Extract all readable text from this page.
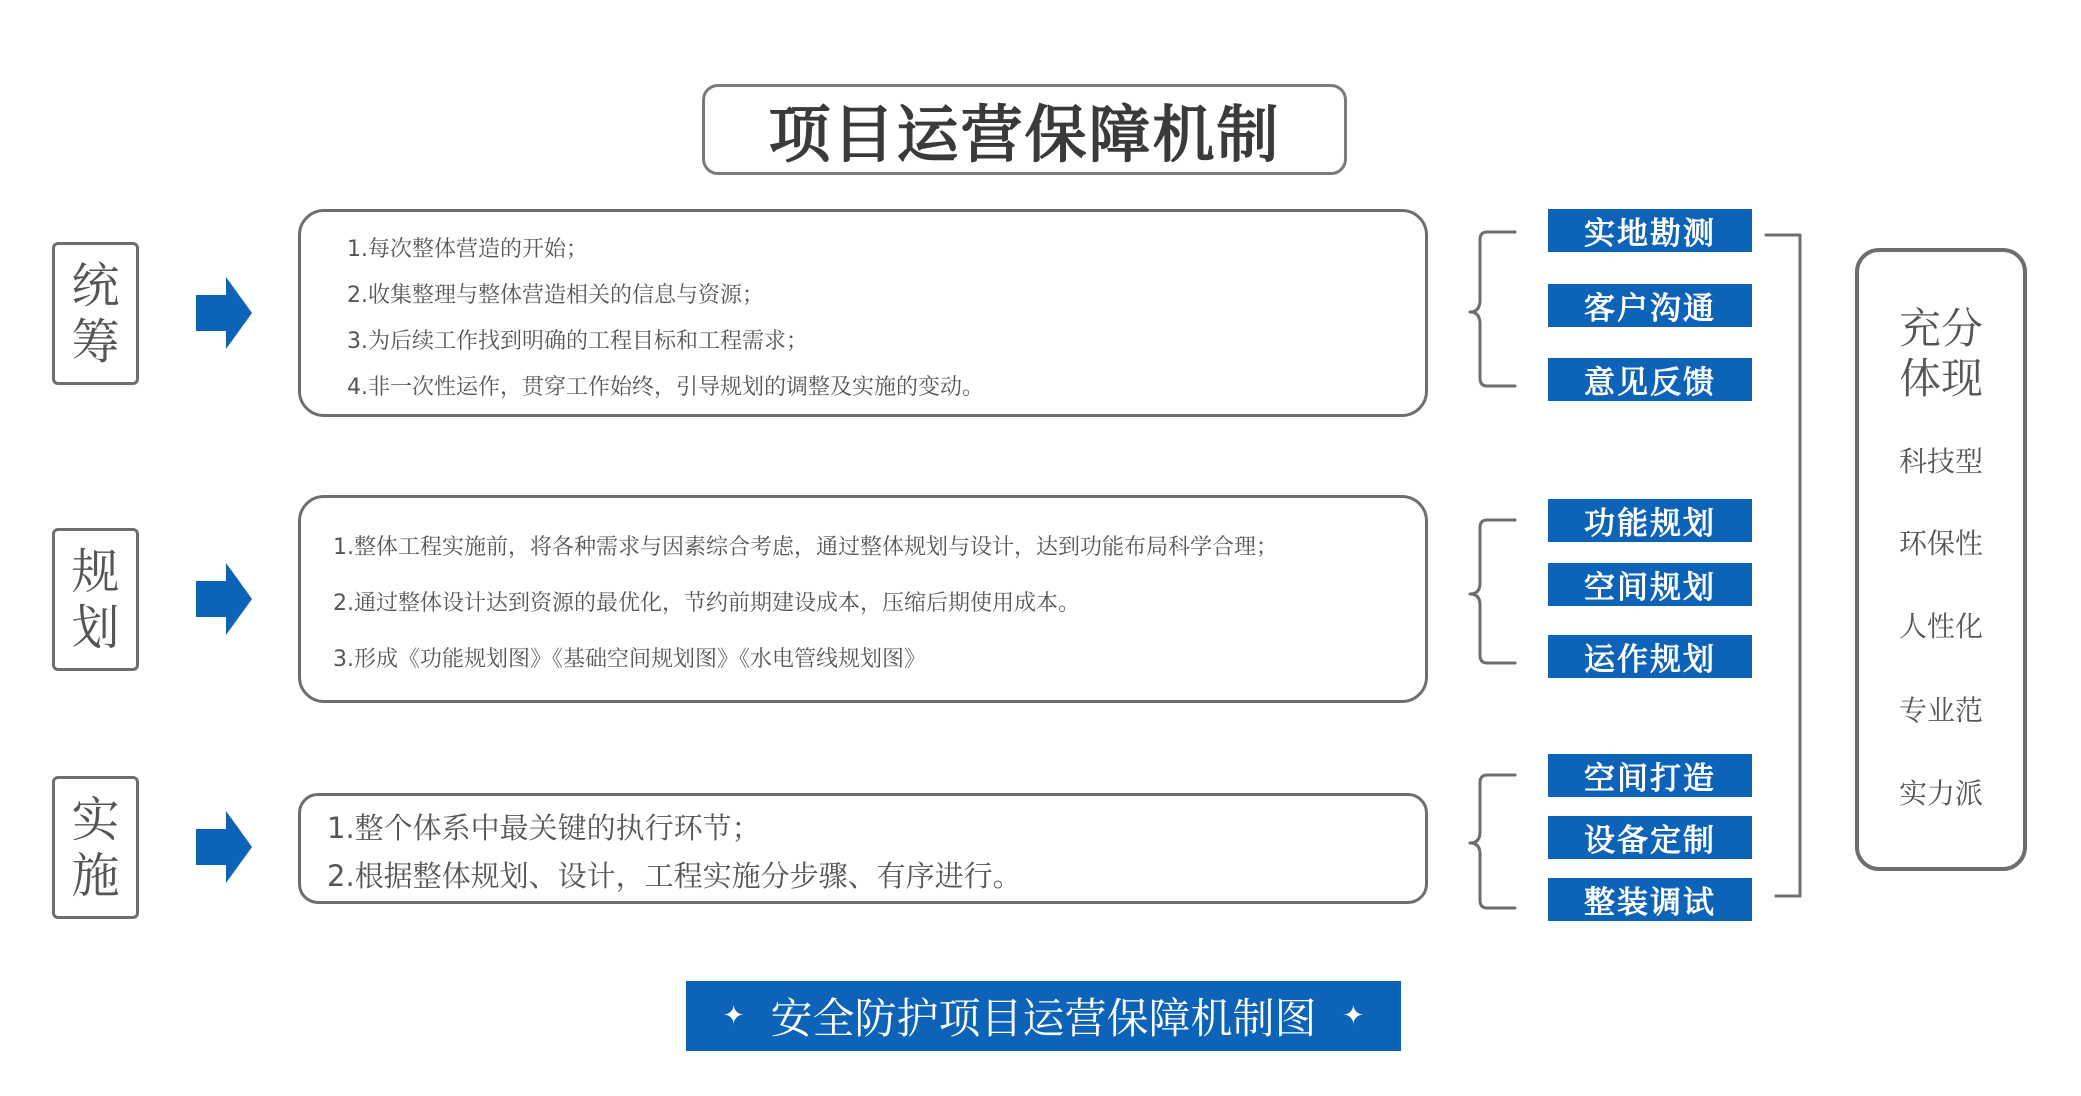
项目运营保障机制
统
筹
1.每次整体营造的开始；
2.收集整理与整体营造相关的信息与资源；
3.为后续工作找到明确的工程目标和工程需求；
4.非一次性运作，贯穿工作始终，引导规划的调整及实施的变动。
实地勘测
客户沟通
意见反馈
规
划
1.整体工程实施前，将各种需求与因素综合考虑，通过整体规划与设计，达到功能布局科学合理；
2.通过整体设计达到资源的最优化，节约前期建设成本，压缩后期使用成本。
3.形成《功能规划图》《基础空间规划图》《水电管线规划图》
功能规划
空间规划
运作规划
实
施
1.整个体系中最关键的执行环节；
2.根据整体规划、设计，工程实施分步骤、有序进行。
空间打造
设备定制
整装调试
充分
体现
科技型
环保性
人性化
专业范
实力派
✦ 安全防护项目运营保障机制图 ✦
